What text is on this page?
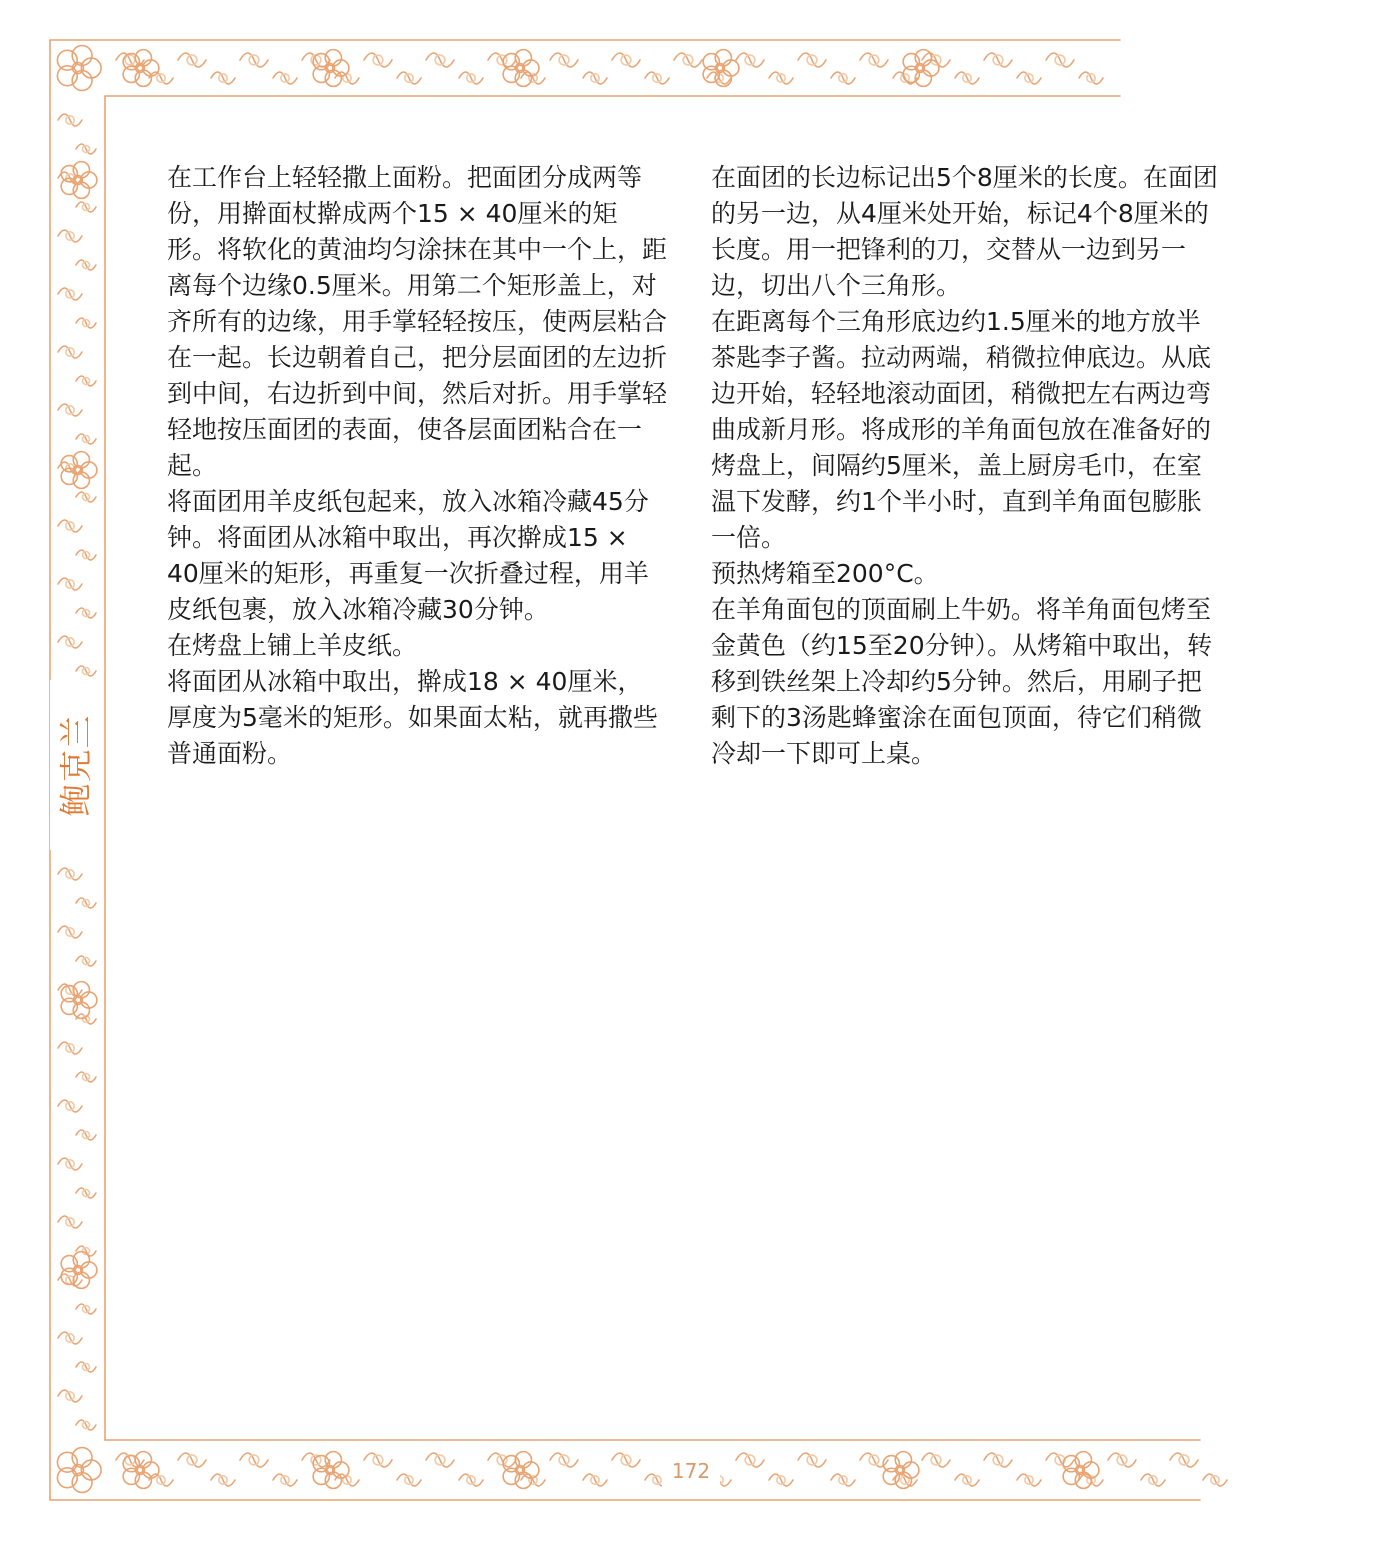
在工作台上轻轻撒上面粉。把面团分成两等份，用擀面杖擀成两个15 × 40厘米的矩形。将软化的黄油均匀涂抹在其中一个上，距离每个边缘0.5厘米。用第二个矩形盖上，对齐所有的边缘，用手掌轻轻按压，使两层粘合在一起。长边朝着自己，把分层面团的左边折到中间，右边折到中间，然后对折。用手掌轻轻地按压面团的表面，使各层面团粘合在一起。

将面团用羊皮纸包起来，放入冰箱冷藏45分钟。将面团从冰箱中取出，再次擀成15 × 40厘米的矩形，再重复一次折叠过程，用羊皮纸包裹，放入冰箱冷藏30分钟。

在烤盘上铺上羊皮纸。

将面团从冰箱中取出，擀成18 × 40厘米，厚度为5毫米的矩形。如果面太粘，就再撒些普通面粉。

在面团的长边标记出5个8厘米的长度。在面团的另一边，从4厘米处开始，标记4个8厘米的长度。用一把锋利的刀，交替从一边到另一边，切出八个三角形。

在距离每个三角形底边约1.5厘米的地方放半茶匙李子酱。拉动两端，稍微拉伸底边。从底边开始，轻轻地滚动面团，稍微把左右两边弯曲成新月形。将成形的羊角面包放在准备好的烤盘上，间隔约5厘米，盖上厨房毛巾，在室温下发酵，约1个半小时，直到羊角面包膨胀一倍。

预热烤箱至200°C。

在羊角面包的顶面刷上牛奶。将羊角面包烤至金黄色（约15至20分钟）。从烤箱中取出，转移到铁丝架上冷却约5分钟。然后，用刷子把剩下的3汤匙蜂蜜涂在面包顶面，待它们稍微冷却一下即可上桌。

鲍克兰
172
